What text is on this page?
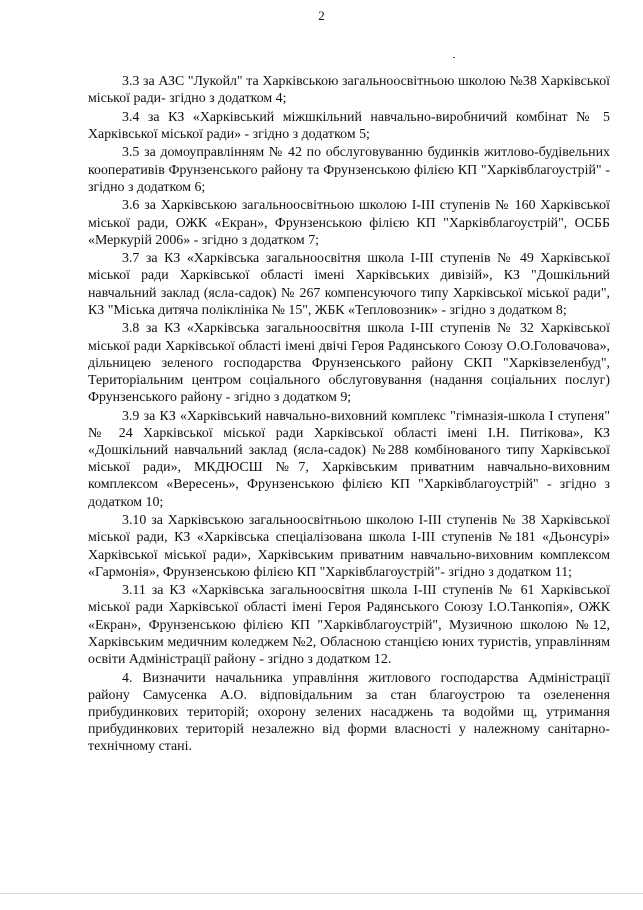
2

3.3 за АЗС "Лукойл" та Харківською загальноосвітньою школою №38 Харківської міської ради- згідно з додатком 4;

3.4 за КЗ «Харківський міжшкільний навчально-виробничий комбінат № 5 Харківської міської ради» - згідно з додатком 5;

3.5 за домоуправлінням № 42 по обслуговуванню будинків житлово-будівельних кооперативів Фрунзенського району та Фрунзенською філією КП "Харківблагоустрій" - згідно з додатком 6;

3.6 за Харківською загальноосвітньою школою І-ІІІ ступенів № 160 Харківської міської ради, ОЖК «Екран», Фрунзенською філією КП "Харківблагоустрій", ОСББ «Меркурій 2006» - згідно з додатком 7;

3.7 за КЗ «Харківська загальноосвітня школа І-ІІІ ступенів № 49 Харківської міської ради Харківської області імені Харківських дивізій», КЗ "Дошкільний навчальний заклад (ясла-садок) № 267 компенсуючого типу Харківської міської ради", КЗ "Міська дитяча поліклініка № 15", ЖБК «Тепловозник» - згідно з додатком 8;

3.8 за КЗ «Харківська загальноосвітня школа І-ІІІ ступенів № 32 Харківської міської ради Харківської області імені двічі Героя Радянського Союзу О.О.Головачова», дільницею зеленого господарства Фрунзенського району СКП "Харківзеленбуд", Територіальним центром соціального обслуговування (надання соціальних послуг) Фрунзенського району - згідно з додатком 9;

3.9 за КЗ «Харківський навчально-виховний комплекс "гімназія-школа І ступеня" № 24 Харківської міської ради Харківської області імені І.Н. Питікова», КЗ «Дошкільний навчальний заклад (ясла-садок) №288 комбінованого типу Харківської міської ради», МКДЮСШ №7, Харківським приватним навчально-виховним комплексом «Вересень», Фрунзенською філією КП "Харківблагоустрій" - згідно з додатком 10;

3.10 за Харківською загальноосвітньою школою І-ІІІ ступенів № 38 Харківської міської ради, КЗ «Харківська спеціалізована школа І-ІІІ ступенів №181 «Дьонсурі» Харківської міської ради», Харківським приватним навчально-виховним комплексом «Гармонія», Фрунзенською філією КП "Харківблагоустрій"- згідно з додатком 11;

3.11 за КЗ «Харківська загальноосвітня школа І-ІІІ ступенів № 61 Харківської міської ради Харківської області імені Героя Радянського Союзу І.О.Танкопія», ОЖК «Екран», Фрунзенською філією КП "Харківблагоустрій", Музичною школою №12, Харківським медичним коледжем №2, Обласною станцією юних туристів, управлінням освіти Адміністрації району - згідно з додатком 12.

4. Визначити начальника управління житлового господарства Адміністрації району Самусенка А.О. відповідальним за стан благоустрою та озеленення прибудинкових територій; охорону зелених насаджень та водойми щ, утримання прибудинкових територій незалежно від форми власності у належному санітарно-технічному стані.
